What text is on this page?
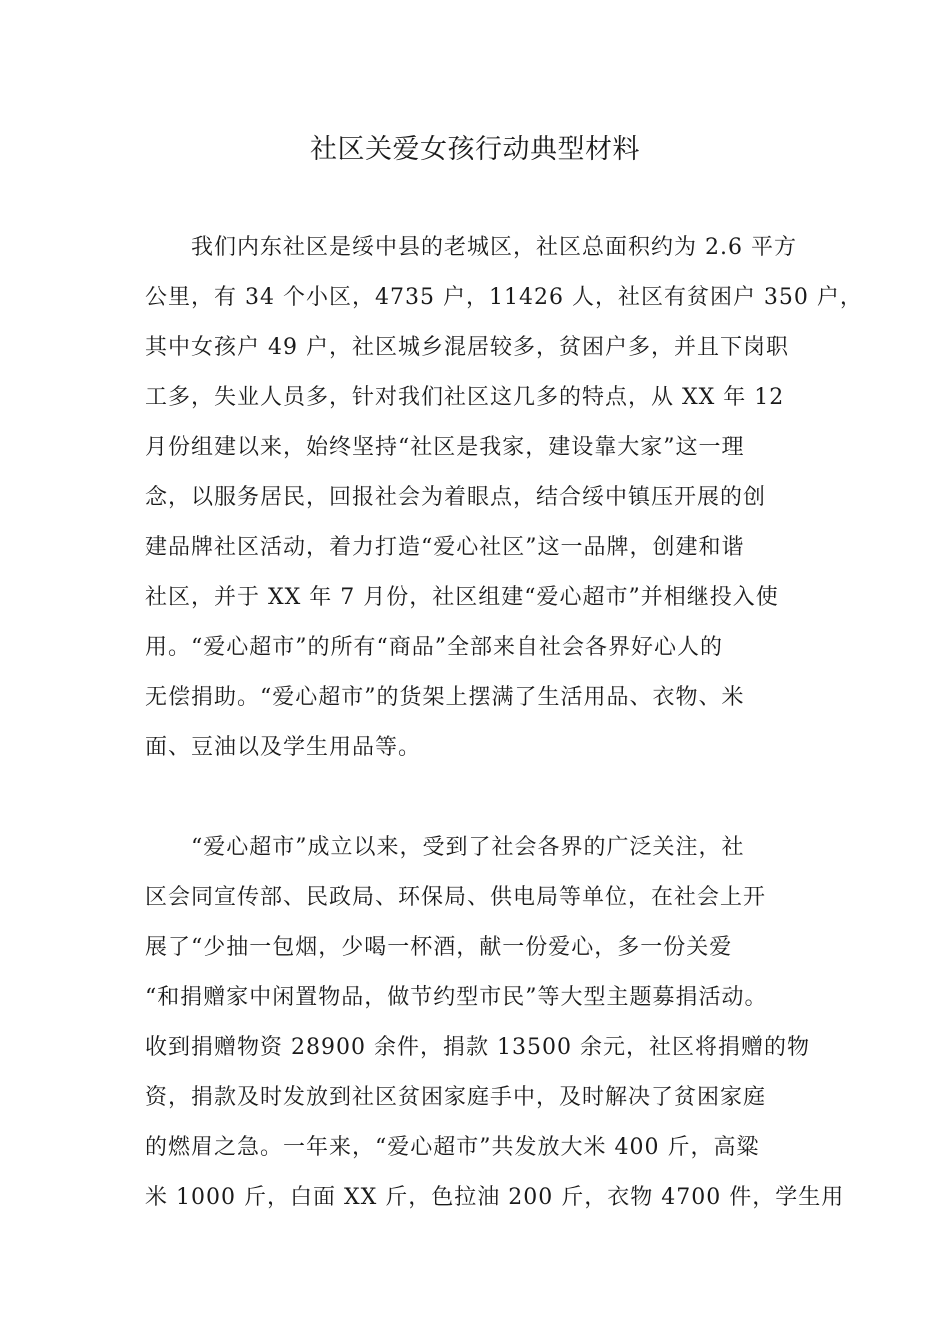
社区关爱女孩行动典型材料
我们内东社区是绥中县的老城区，社区总面积约为 2.6 平方
公里，有 34 个小区，4735 户，11426 人，社区有贫困户 350 户，
其中女孩户 49 户，社区城乡混居较多，贫困户多，并且下岗职
工多，失业人员多，针对我们社区这几多的特点，从 XX 年 12
月份组建以来，始终坚持“社区是我家，建设靠大家”这一理
念，以服务居民，回报社会为着眼点，结合绥中镇压开展的创
建品牌社区活动，着力打造“爱心社区”这一品牌，创建和谐
社区，并于 XX 年 7 月份，社区组建“爱心超市”并相继投入使
用。“爱心超市”的所有“商品”全部来自社会各界好心人的
无偿捐助。“爱心超市”的货架上摆满了生活用品、衣物、米
面、豆油以及学生用品等。
“爱心超市”成立以来，受到了社会各界的广泛关注，社
区会同宣传部、民政局、环保局、供电局等单位，在社会上开
展了“少抽一包烟，少喝一杯酒，献一份爱心，多一份关爱
“和捐赠家中闲置物品，做节约型市民”等大型主题募捐活动。
收到捐赠物资 28900 余件，捐款 13500 余元，社区将捐赠的物
资，捐款及时发放到社区贫困家庭手中，及时解决了贫困家庭
的燃眉之急。一年来，“爱心超市”共发放大米 400 斤，高粱
米 1000 斤，白面 XX 斤，色拉油 200 斤，衣物 4700 件，学生用
